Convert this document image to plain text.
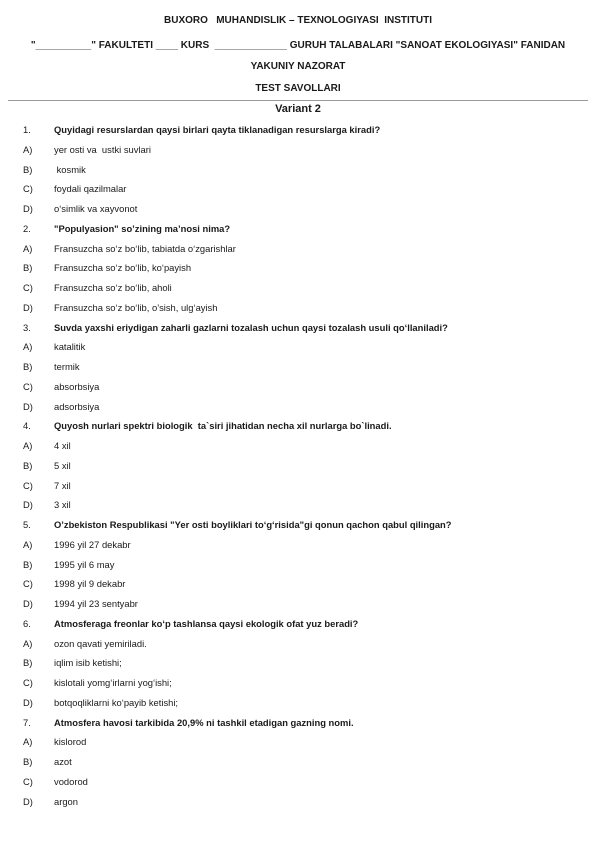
BUXORO   MUHANDISLIK – TEXNOLOGIYASI  INSTITUTI
"__________" FAKULTETI ____ KURS  _____________ GURUH TALABALARI "SANOAT EKOLOGIYASI" FANIDAN
YAKUNIY NAZORAT
TEST SAVOLLARI
Variant 2
1. Quyidagi resurslardan qaysi birlari qayta tiklanadigan resurslarga kiradi?
A) yer osti va  ustki suvlari
B) kosmik
C) foydali qazilmalar
D) o‘simlik va xayvonot
2. "Populyasion" so’zining ma’nosi nima?
A) Fransuzcha so‘z bo‘lib, tabiatda o‘zgarishlar
B) Fransuzcha so‘z bo‘lib, ko‘payish
C) Fransuzcha so‘z bo‘lib, aholi
D) Fransuzcha so‘z bo‘lib, o’sish, ulg‘ayish
3. Suvda yaxshi eriydigan zaharli gazlarni tozalash uchun qaysi tozalash usuli qo‘llaniladi?
A) katalitik
B) termik
C) absorbsiya
D) adsorbsiya
4. Quyosh nurlari spektri biologik  ta`siri jihatidan necha xil nurlarga bo`linadi.
A) 4 xil
B) 5 xil
C) 7 xil
D) 3 xil
5. O’zbekiston Respublikasi "Yer osti boyliklari to‘g‘risida"gi qonun qachon qabul qilingan?
A) 1996 yil 27 dekabr
B) 1995 yil 6 may
C) 1998 yil 9 dekabr
D) 1994 yil 23 sentyabr
6. Atmosferaga freonlar ko‘p tashlansa qaysi ekologik ofat yuz beradi?
A) ozon qavati yemiriladi.
B) iqlim isib ketishi;
C) kislotali yomg‘irlarni yog‘ishi;
D) botqoqliklarni ko‘payib ketishi;
7. Atmosfera havosi tarkibida 20,9% ni tashkil etadigan gazning nomi.
A) kislorod
B) azot
C) vodorod
D) argon
